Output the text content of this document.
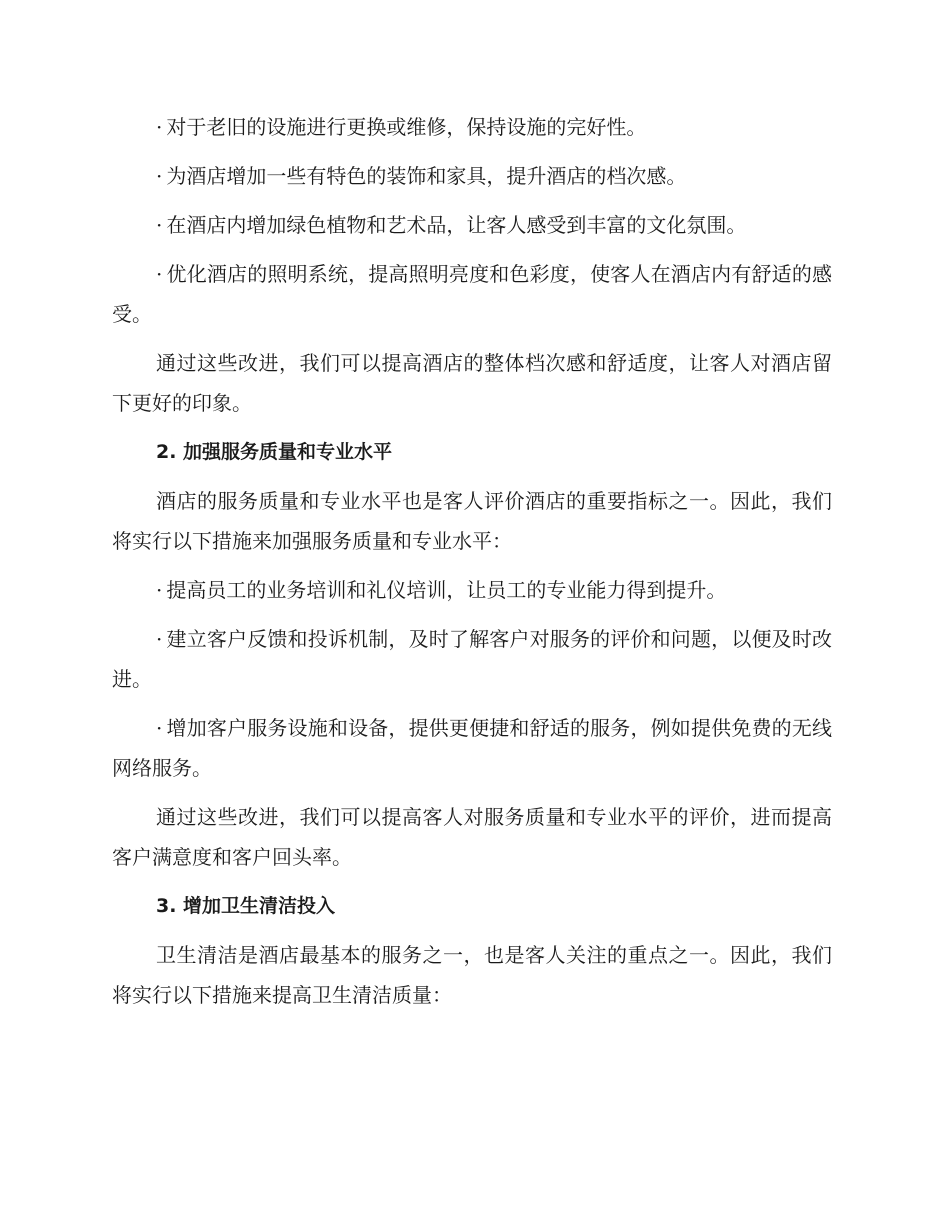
· 对于老旧的设施进行更换或维修，保持设施的完好性。

· 为酒店增加一些有特色的装饰和家具，提升酒店的档次感。

· 在酒店内增加绿色植物和艺术品，让客人感受到丰富的文化氛围。

· 优化酒店的照明系统，提高照明亮度和色彩度，使客人在酒店内有舒适的感受。

通过这些改进，我们可以提高酒店的整体档次感和舒适度，让客人对酒店留下更好的印象。

2. 加强服务质量和专业水平

酒店的服务质量和专业水平也是客人评价酒店的重要指标之一。因此，我们将实行以下措施来加强服务质量和专业水平：

· 提高员工的业务培训和礼仪培训，让员工的专业能力得到提升。

· 建立客户反馈和投诉机制，及时了解客户对服务的评价和问题，以便及时改进。

· 增加客户服务设施和设备，提供更便捷和舒适的服务，例如提供免费的无线网络服务。

通过这些改进，我们可以提高客人对服务质量和专业水平的评价，进而提高客户满意度和客户回头率。

3. 增加卫生清洁投入

卫生清洁是酒店最基本的服务之一，也是客人关注的重点之一。因此，我们将实行以下措施来提高卫生清洁质量：
